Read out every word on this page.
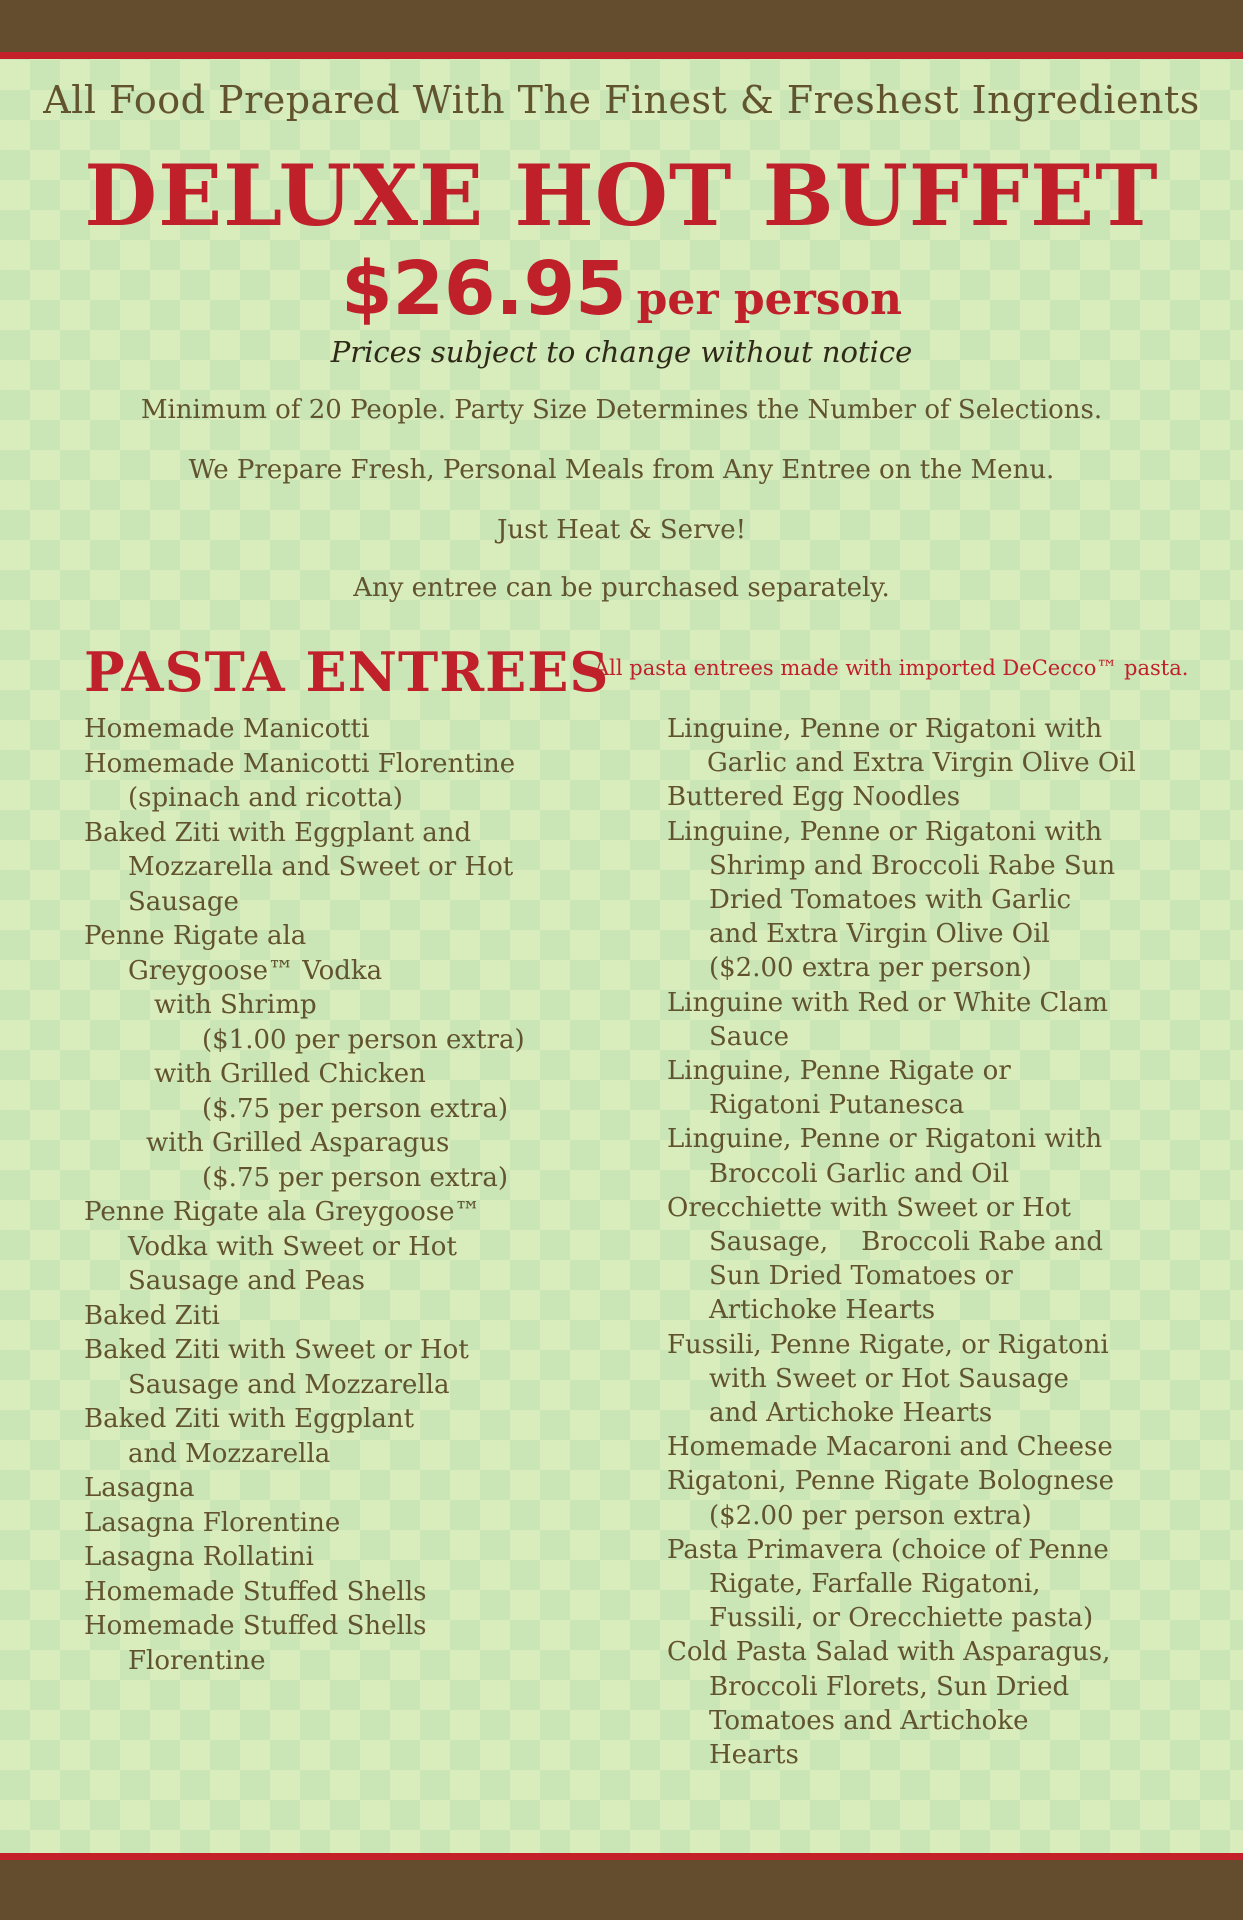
All Food Prepared With The Finest & Freshest Ingredients
DELUXE HOT BUFFET
$26.95 per person
Prices subject to change without notice
Minimum of 20 People. Party Size Determines the Number of Selections.
We Prepare Fresh, Personal Meals from Any Entree on the Menu.
Just Heat & Serve!
Any entree can be purchased separately.
PASTA ENTREES
All pasta entrees made with imported DeCecco™ pasta.
Homemade Manicotti
Homemade Manicotti Florentine
(spinach and ricotta)
Baked Ziti with Eggplant and
Mozzarella and Sweet or Hot
Sausage
Penne Rigate ala
Greygoose™ Vodka
with Shrimp
($1.00 per person extra)
with Grilled Chicken
($.75 per person extra)
with Grilled Asparagus
($.75 per person extra)
Penne Rigate ala Greygoose™
Vodka with Sweet or Hot
Sausage and Peas
Baked Ziti
Baked Ziti with Sweet or Hot
Sausage and Mozzarella
Baked Ziti with Eggplant
and Mozzarella
Lasagna
Lasagna Florentine
Lasagna Rollatini
Homemade Stuffed Shells
Homemade Stuffed Shells
Florentine
Linguine, Penne or Rigatoni with
Garlic and Extra Virgin Olive Oil
Buttered Egg Noodles
Linguine, Penne or Rigatoni with
Shrimp and Broccoli Rabe Sun
Dried Tomatoes with Garlic
and Extra Virgin Olive Oil
($2.00 extra per person)
Linguine with Red or White Clam
Sauce
Linguine, Penne Rigate or
Rigatoni Putanesca
Linguine, Penne or Rigatoni with
Broccoli Garlic and Oil
Orecchiette with Sweet or Hot
Sausage,    Broccoli Rabe and
Sun Dried Tomatoes or
Artichoke Hearts
Fussili, Penne Rigate, or Rigatoni
with Sweet or Hot Sausage
and Artichoke Hearts
Homemade Macaroni and Cheese
Rigatoni, Penne Rigate Bolognese
($2.00 per person extra)
Pasta Primavera (choice of Penne
Rigate, Farfalle Rigatoni,
Fussili, or Orecchiette pasta)
Cold Pasta Salad with Asparagus,
Broccoli Florets, Sun Dried
Tomatoes and Artichoke
Hearts
